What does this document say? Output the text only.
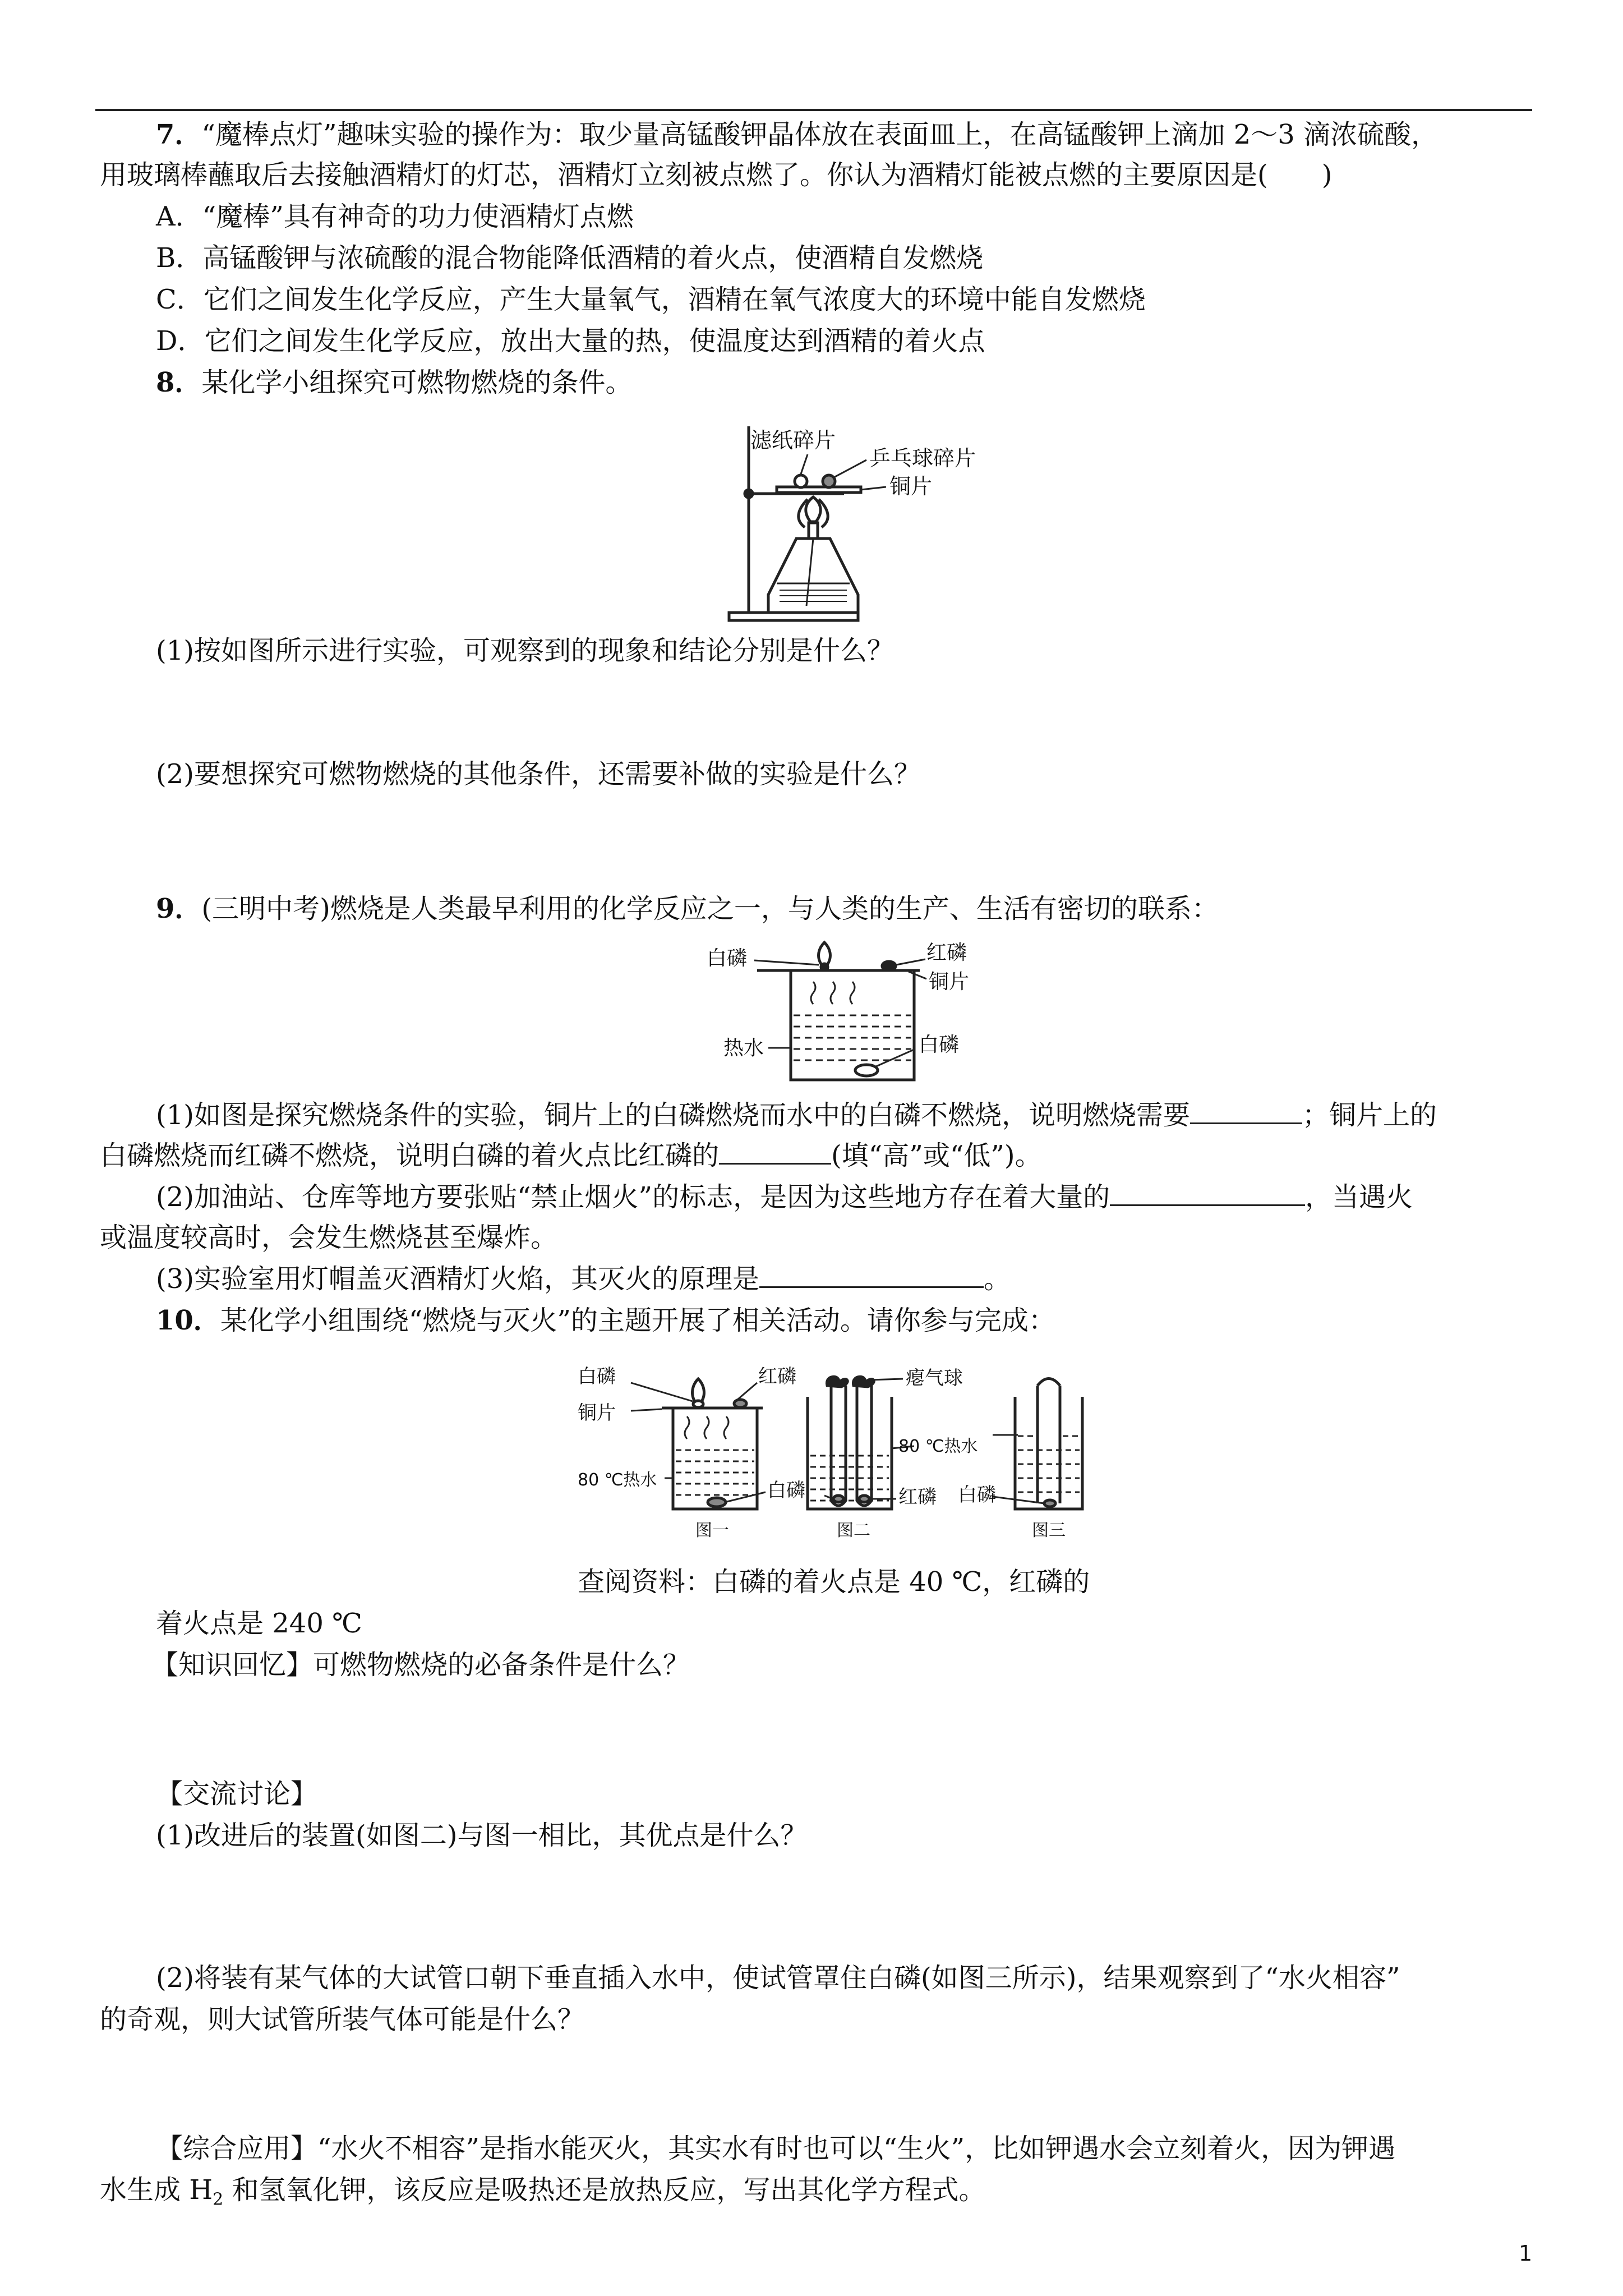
7．“魔棒点灯”趣味实验的操作为：取少量高锰酸钾晶体放在表面皿上，在高锰酸钾上滴加 2～3 滴浓硫酸，
用玻璃棒蘸取后去接触酒精灯的灯芯，酒精灯立刻被点燃了。你认为酒精灯能被点燃的主要原因是(　　)
A．“魔棒”具有神奇的功力使酒精灯点燃
B．高锰酸钾与浓硫酸的混合物能降低酒精的着火点，使酒精自发燃烧
C．它们之间发生化学反应，产生大量氧气，酒精在氧气浓度大的环境中能自发燃烧
D．它们之间发生化学反应，放出大量的热，使温度达到酒精的着火点
8．某化学小组探究可燃物燃烧的条件。
滤纸碎片
乒乓球碎片
铜片
(1)按如图所示进行实验，可观察到的现象和结论分别是什么？
(2)要想探究可燃物燃烧的其他条件，还需要补做的实验是什么？
9．(三明中考)燃烧是人类最早利用的化学反应之一，与人类的生产、生活有密切的联系：
白磷	红磷
铜片
热水	白磷
(1)如图是探究燃烧条件的实验，铜片上的白磷燃烧而水中的白磷不燃烧，说明燃烧需要	；铜片上的
白磷燃烧而红磷不燃烧，说明白磷的着火点比红磷的	(填“高”或“低”)。
(2)加油站、仓库等地方要张贴“禁止烟火”的标志，是因为这些地方存在着大量的	，当遇火
或温度较高时，会发生燃烧甚至爆炸。
(3)实验室用灯帽盖灭酒精灯火焰，其灭火的原理是	。
10．某化学小组围绕“燃烧与灭火”的主题开展了相关活动。请你参与完成：
白磷	红磷
铜片
80 ℃热水	白磷
图一
瘪气球
80 ℃热水
红磷
图二
白磷
图三
查阅资料：白磷的着火点是 40 ℃，红磷的
着火点是 240 ℃
【知识回忆】可燃物燃烧的必备条件是什么？
【交流讨论】
(1)改进后的装置(如图二)与图一相比，其优点是什么？
(2)将装有某气体的大试管口朝下垂直插入水中，使试管罩住白磷(如图三所示)，结果观察到了“水火相容”
的奇观，则大试管所装气体可能是什么？
【综合应用】“水火不相容”是指水能灭火，其实水有时也可以“生火”，比如钾遇水会立刻着火，因为钾遇
水生成 $H_2$ 和氢氧化钾，该反应是吸热还是放热反应，写出其化学方程式。
1
